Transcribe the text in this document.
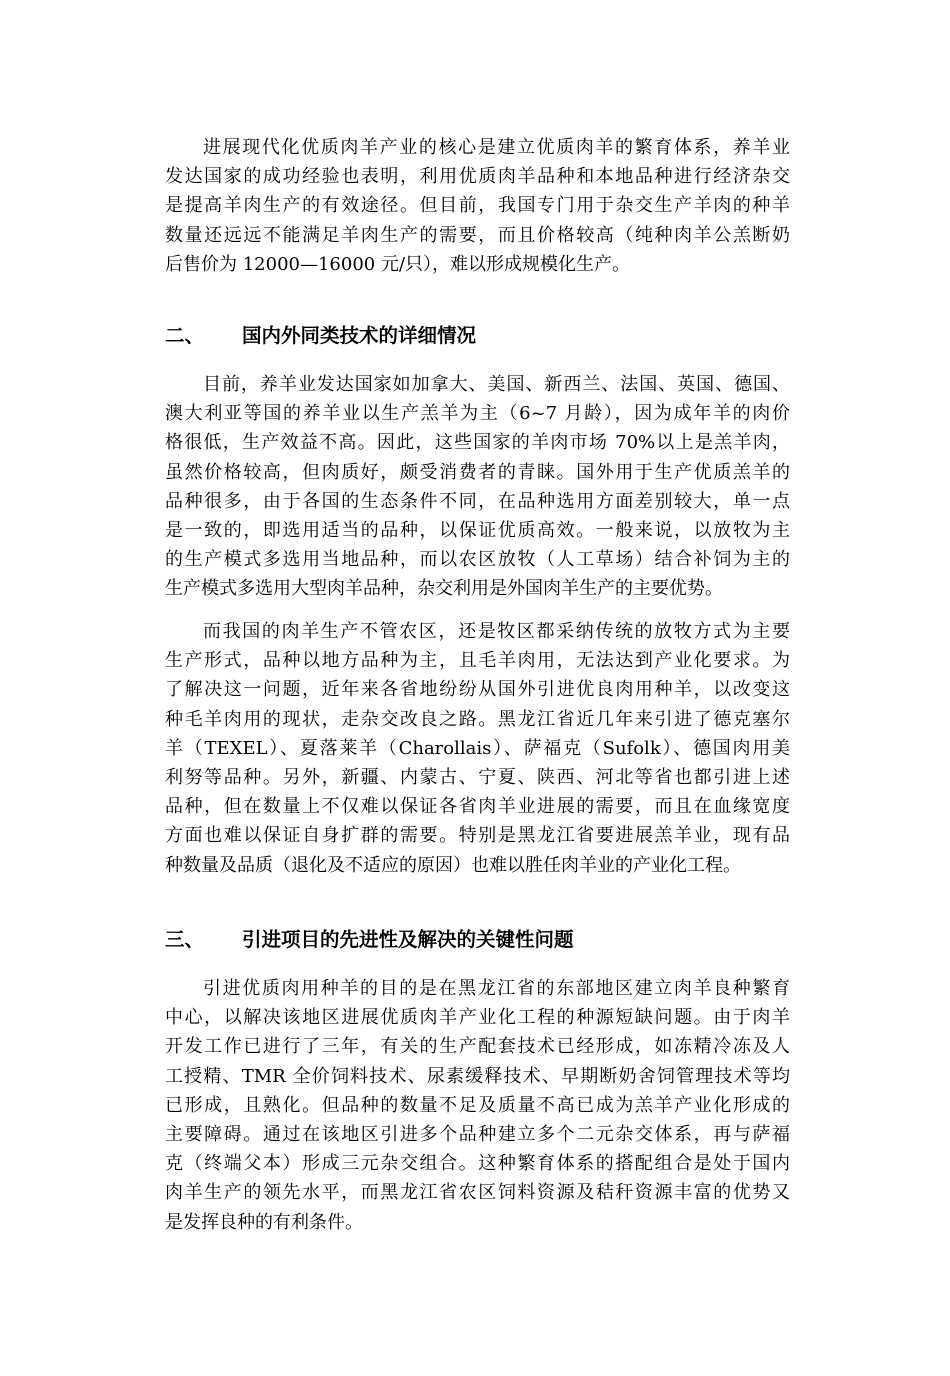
进展现代化优质肉羊产业的核心是建立优质肉羊的繁育体系，养羊业
发达国家的成功经验也表明，利用优质肉羊品种和本地品种进行经济杂交
是提高羊肉生产的有效途径。但目前，我国专门用于杂交生产羊肉的种羊
数量还远远不能满足羊肉生产的需要，而且价格较高（纯种肉羊公羔断奶
后售价为 12000—16000 元/只），难以形成规模化生产。
二、 国内外同类技术的详细情况
目前，养羊业发达国家如加拿大、美国、新西兰、法国、英国、德国、
澳大利亚等国的养羊业以生产羔羊为主（6~7 月龄），因为成年羊的肉价
格很低，生产效益不高。因此，这些国家的羊肉市场 70%以上是羔羊肉，
虽然价格较高，但肉质好，颇受消费者的青睐。国外用于生产优质羔羊的
品种很多，由于各国的生态条件不同，在品种选用方面差别较大，单一点
是一致的，即选用适当的品种，以保证优质高效。一般来说，以放牧为主
的生产模式多选用当地品种，而以农区放牧（人工草场）结合补饲为主的
生产模式多选用大型肉羊品种，杂交利用是外国肉羊生产的主要优势。
而我国的肉羊生产不管农区，还是牧区都采纳传统的放牧方式为主要
生产形式，品种以地方品种为主，且毛羊肉用，无法达到产业化要求。为
了解决这一问题，近年来各省地纷纷从国外引进优良肉用种羊，以改变这
种毛羊肉用的现状，走杂交改良之路。黑龙江省近几年来引进了德克塞尔
羊（TEXEL）、夏落莱羊（Charollais）、萨福克（Sufolk）、德国肉用美
利努等品种。另外，新疆、内蒙古、宁夏、陕西、河北等省也都引进上述
品种，但在数量上不仅难以保证各省肉羊业进展的需要，而且在血缘宽度
方面也难以保证自身扩群的需要。特别是黑龙江省要进展羔羊业，现有品
种数量及品质（退化及不适应的原因）也难以胜任肉羊业的产业化工程。
三、 引进项目的先进性及解决的关键性问题
引进优质肉用种羊的目的是在黑龙江省的东部地区建立肉羊良种繁育
中心，以解决该地区进展优质肉羊产业化工程的种源短缺问题。由于肉羊
开发工作已进行了三年，有关的生产配套技术已经形成，如冻精冷冻及人
工授精、TMR 全价饲料技术、尿素缓释技术、早期断奶舍饲管理技术等均
已形成，且熟化。但品种的数量不足及质量不高已成为羔羊产业化形成的
主要障碍。通过在该地区引进多个品种建立多个二元杂交体系，再与萨福
克（终端父本）形成三元杂交组合。这种繁育体系的搭配组合是处于国内
肉羊生产的领先水平，而黑龙江省农区饲料资源及秸秆资源丰富的优势又
是发挥良种的有利条件。
